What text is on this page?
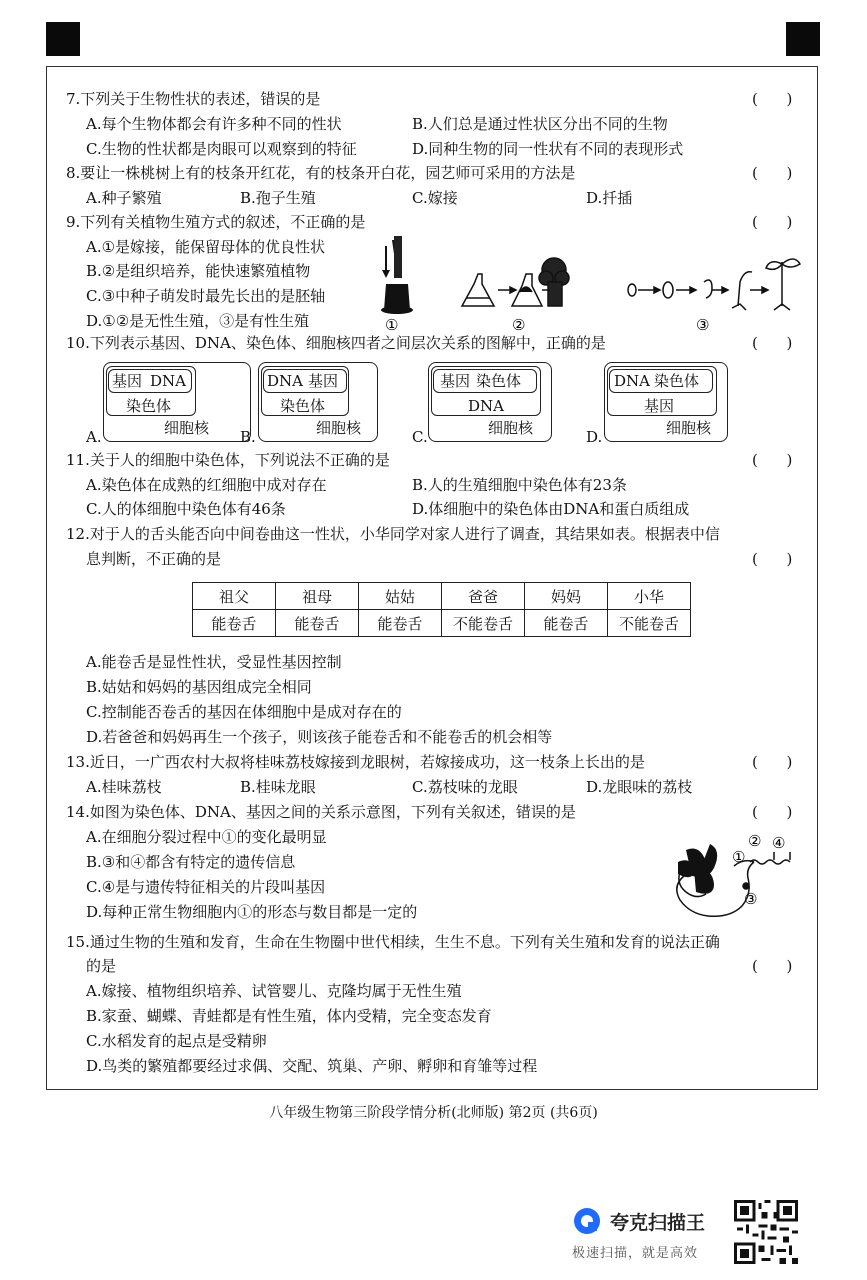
7.下列关于生物性状的表述，错误的是	(      )
A.每个生物体都会有许多种不同的性状	B.人们总是通过性状区分出不同的生物
C.生物的性状都是肉眼可以观察到的特征	D.同种生物的同一性状有不同的表现形式
8.要让一株桃树上有的枝条开红花，有的枝条开白花，园艺师可采用的方法是	(      )
A.种子繁殖	B.孢子生殖	C.嫁接	D.扦插
9.下列有关植物生殖方式的叙述，不正确的是	(      )
A.①是嫁接，能保留母体的优良性状
B.②是组织培养，能快速繁殖植物
C.③中种子萌发时最先长出的是胚轴
D.①②是无性生殖，③是有性生殖	①	②	③
10.下列表示基因、DNA、染色体、细胞核四者之间层次关系的图解中，正确的是	(      )
A.
基因 DNA
染色体
细胞核 B.
DNA 基因
染色体
细胞核	C.
基因 染色体
DNA
细胞核	D.
DNA 染色体
基因
细胞核
11.关于人的细胞中染色体，下列说法不正确的是	(      )
A.染色体在成熟的红细胞中成对存在	B.人的生殖细胞中染色体有23条
C.人的体细胞中染色体有46条	D.体细胞中的染色体由DNA和蛋白质组成
12.对于人的舌头能否向中间卷曲这一性状，小华同学对家人进行了调查，其结果如表。根据表中信
息判断，不正确的是	(      )
祖父	祖母	姑姑	爸爸	妈妈	小华
能卷舌	能卷舌	能卷舌	不能卷舌	能卷舌	不能卷舌
A.能卷舌是显性性状，受显性基因控制
B.姑姑和妈妈的基因组成完全相同
C.控制能否卷舌的基因在体细胞中是成对存在的
D.若爸爸和妈妈再生一个孩子，则该孩子能卷舌和不能卷舌的机会相等
13.近日，一广西农村大叔将桂味荔枝嫁接到龙眼树，若嫁接成功，这一枝条上长出的是	(      )
A.桂味荔枝	B.桂味龙眼	C.荔枝味的龙眼	D.龙眼味的荔枝
14.如图为染色体、DNA、基因之间的关系示意图，下列有关叙述，错误的是	(      )
A.在细胞分裂过程中①的变化最明显
B.③和④都含有特定的遗传信息
C.④是与遗传特征相关的片段叫基因
D.每种正常生物细胞内①的形态与数目都是一定的
①
②
③
④
15.通过生物的生殖和发育，生命在生物圈中世代相续，生生不息。下列有关生殖和发育的说法正确
的是	(      )
A.嫁接、植物组织培养、试管婴儿、克隆均属于无性生殖
B.家蚕、蝴蝶、青蛙都是有性生殖，体内受精，完全变态发育
C.水稻发育的起点是受精卵
D.鸟类的繁殖都要经过求偶、交配、筑巢、产卵、孵卵和育雏等过程
八年级生物第三阶段学情分析(北师版) 第2页 (共6页)
夸克扫描王
极速扫描，就是高效
